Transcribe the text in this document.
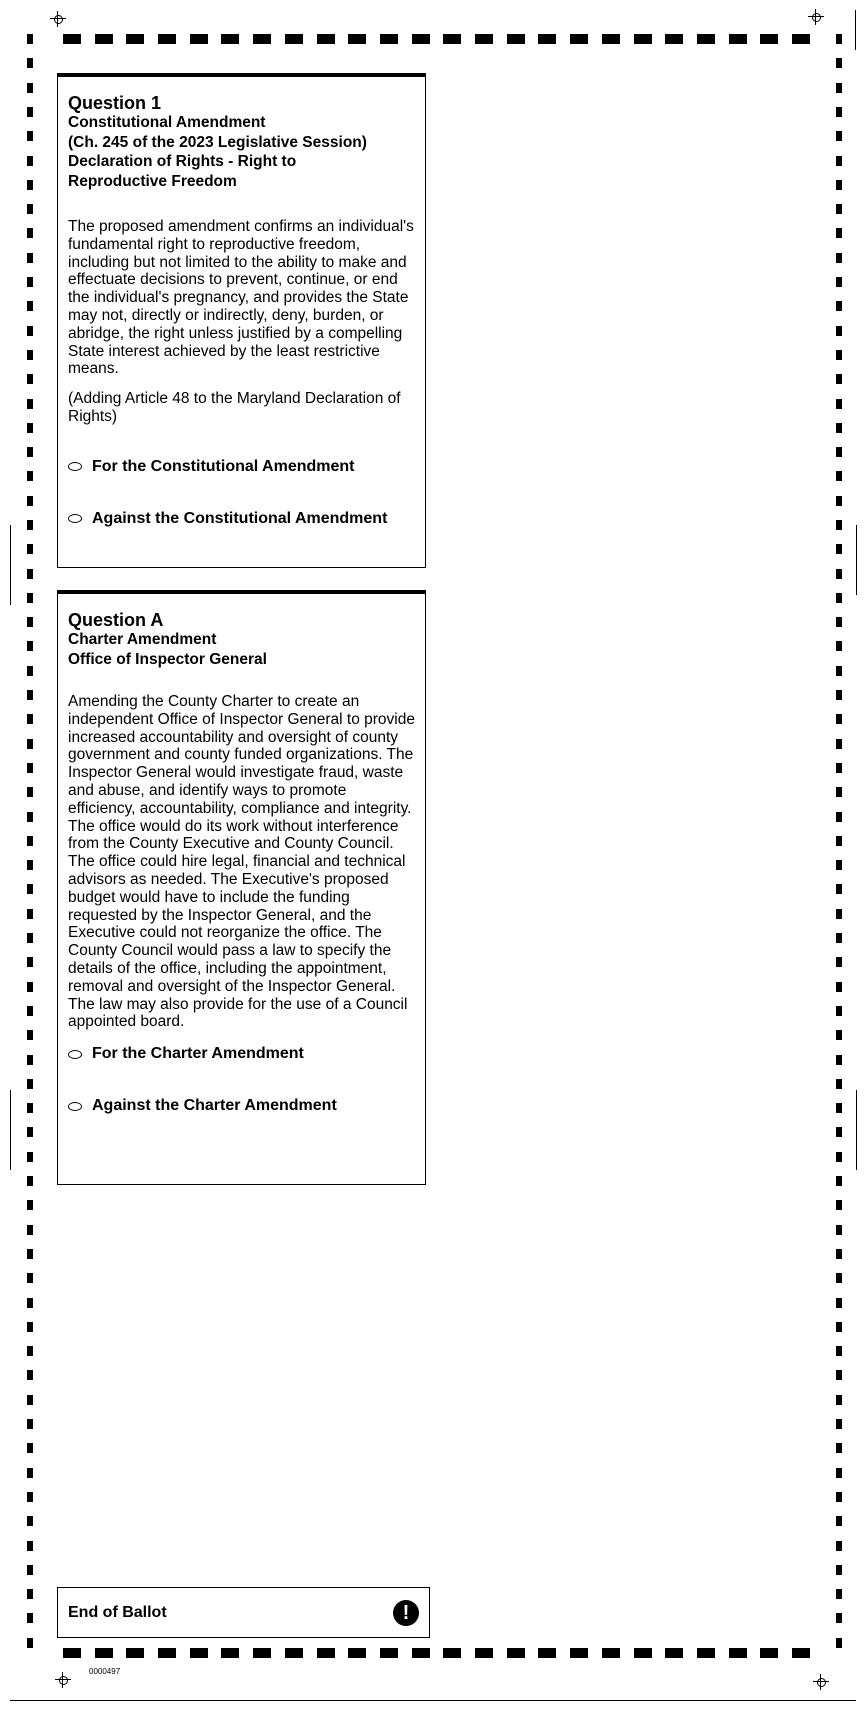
Question 1
Constitutional Amendment
(Ch. 245 of the 2023 Legislative Session)
Declaration of Rights - Right to
Reproductive Freedom
The proposed amendment confirms an individual's fundamental right to reproductive freedom, including but not limited to the ability to make and effectuate decisions to prevent, continue, or end the individual's pregnancy, and provides the State may not, directly or indirectly, deny, burden, or abridge, the right unless justified by a compelling State interest achieved by the least restrictive means.
(Adding Article 48 to the Maryland Declaration of Rights)
For the Constitutional Amendment
Against the Constitutional Amendment
Question A
Charter Amendment
Office of Inspector General
Amending the County Charter to create an independent Office of Inspector General to provide increased accountability and oversight of county government and county funded organizations. The Inspector General would investigate fraud, waste and abuse, and identify ways to promote efficiency, accountability, compliance and integrity. The office would do its work without interference from the County Executive and County Council. The office could hire legal, financial and technical advisors as needed. The Executive's proposed budget would have to include the funding requested by the Inspector General, and the Executive could not reorganize the office. The County Council would pass a law to specify the details of the office, including the appointment, removal and oversight of the Inspector General. The law may also provide for the use of a Council appointed board.
For the Charter Amendment
Against the Charter Amendment
End of Ballot	!
0000497
